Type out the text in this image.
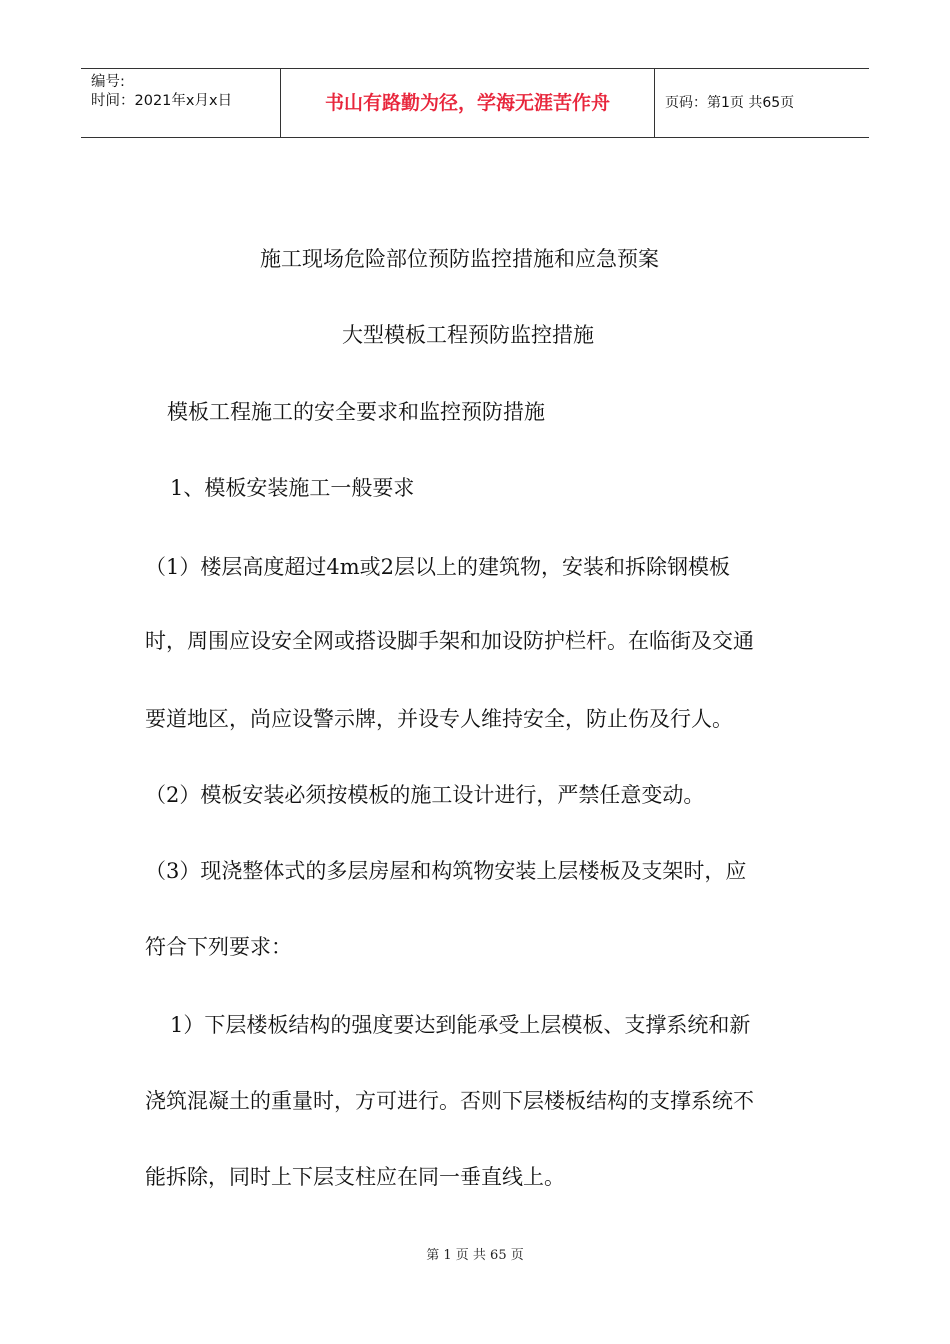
编号:
时间：2021年x月x日	书山有路勤为径，学海无涯苦作舟	页码：第1页 共65页
施工现场危险部位预防监控措施和应急预案
大型模板工程预防监控措施
模板工程施工的安全要求和监控预防措施
1、模板安装施工一般要求
（1）楼层高度超过4m或2层以上的建筑物，安装和拆除钢模板
时，周围应设安全网或搭设脚手架和加设防护栏杆。在临街及交通
要道地区，尚应设警示牌，并设专人维持安全，防止伤及行人。
（2）模板安装必须按模板的施工设计进行，严禁任意变动。
（3）现浇整体式的多层房屋和构筑物安装上层楼板及支架时，应
符合下列要求：
1）下层楼板结构的强度要达到能承受上层模板、支撑系统和新
浇筑混凝土的重量时，方可进行。否则下层楼板结构的支撑系统不
能拆除，同时上下层支柱应在同一垂直线上。
第 1 页 共 65 页
